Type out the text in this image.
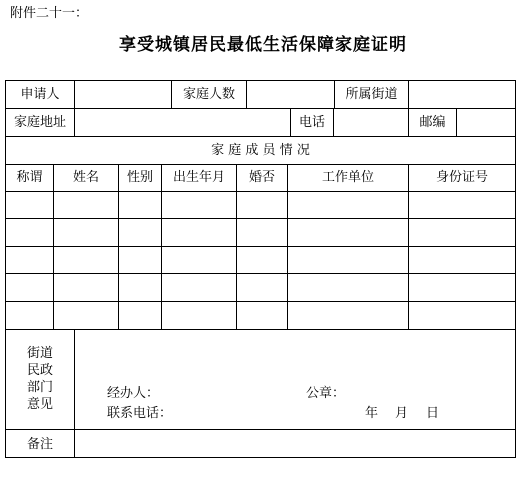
附件二十一：
享受城镇居民最低生活保障家庭证明
申请人	家庭人数	所属街道
家庭地址	电话	邮编
家 庭 成 员 情 况
称谓	姓名	性别	出生年月	婚否	工作单位	身份证号
街道
民政
部门
意见
经办人：	公章：
联系电话：	年 月 日
备注
